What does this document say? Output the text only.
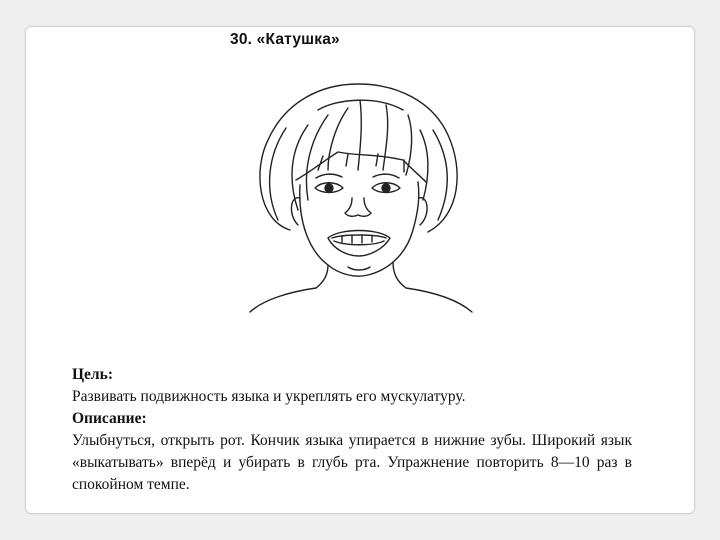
30. «Катушка»

Цель:

Развивать подвижность языка и укреплять его мускулатуру.

Описание:

Улыбнуться, открыть рот. Кончик языка упирается в нижние зубы. Широкий язык «выкатывать» вперёд и убирать в глубь рта. Упражнение повторить 8—10 раз в спокойном темпе.
